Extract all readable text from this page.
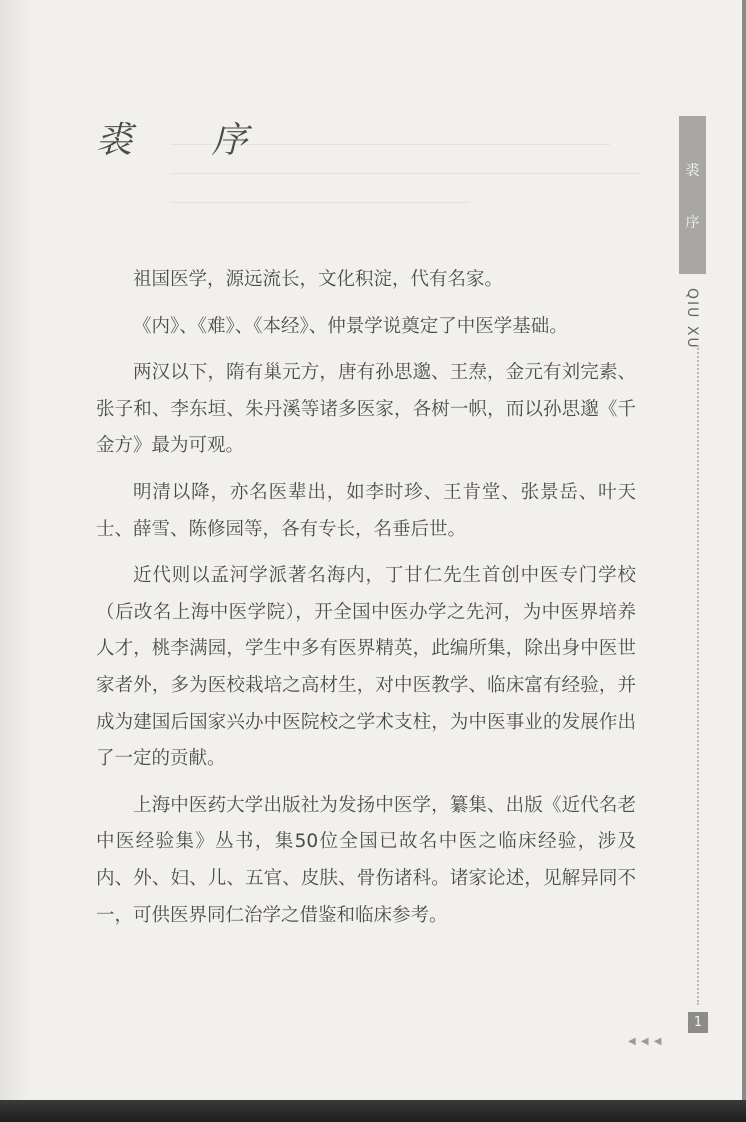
裘 序

祖国医学，源远流长，文化积淀，代有名家。

《内》、《难》、《本经》、仲景学说奠定了中医学基础。

两汉以下，隋有巢元方，唐有孙思邈、王焘，金元有刘完素、张子和、李东垣、朱丹溪等诸多医家，各树一帜，而以孙思邈《千金方》最为可观。

明清以降，亦名医辈出，如李时珍、王肯堂、张景岳、叶天士、薛雪、陈修园等，各有专长，名垂后世。

近代则以孟河学派著名海内，丁甘仁先生首创中医专门学校（后改名上海中医学院），开全国中医办学之先河，为中医界培养人才，桃李满园，学生中多有医界精英，此编所集，除出身中医世家者外，多为医校栽培之高材生，对中医教学、临床富有经验，并成为建国后国家兴办中医院校之学术支柱，为中医事业的发展作出了一定的贡献。

上海中医药大学出版社为发扬中医学，纂集、出版《近代名老中医经验集》丛书，集50位全国已故名中医之临床经验，涉及内、外、妇、儿、五官、皮肤、骨伤诸科。诸家论述，见解异同不一，可供医界同仁治学之借鉴和临床参考。

裘
序
QIU XU
1
◀ ◀ ◀
